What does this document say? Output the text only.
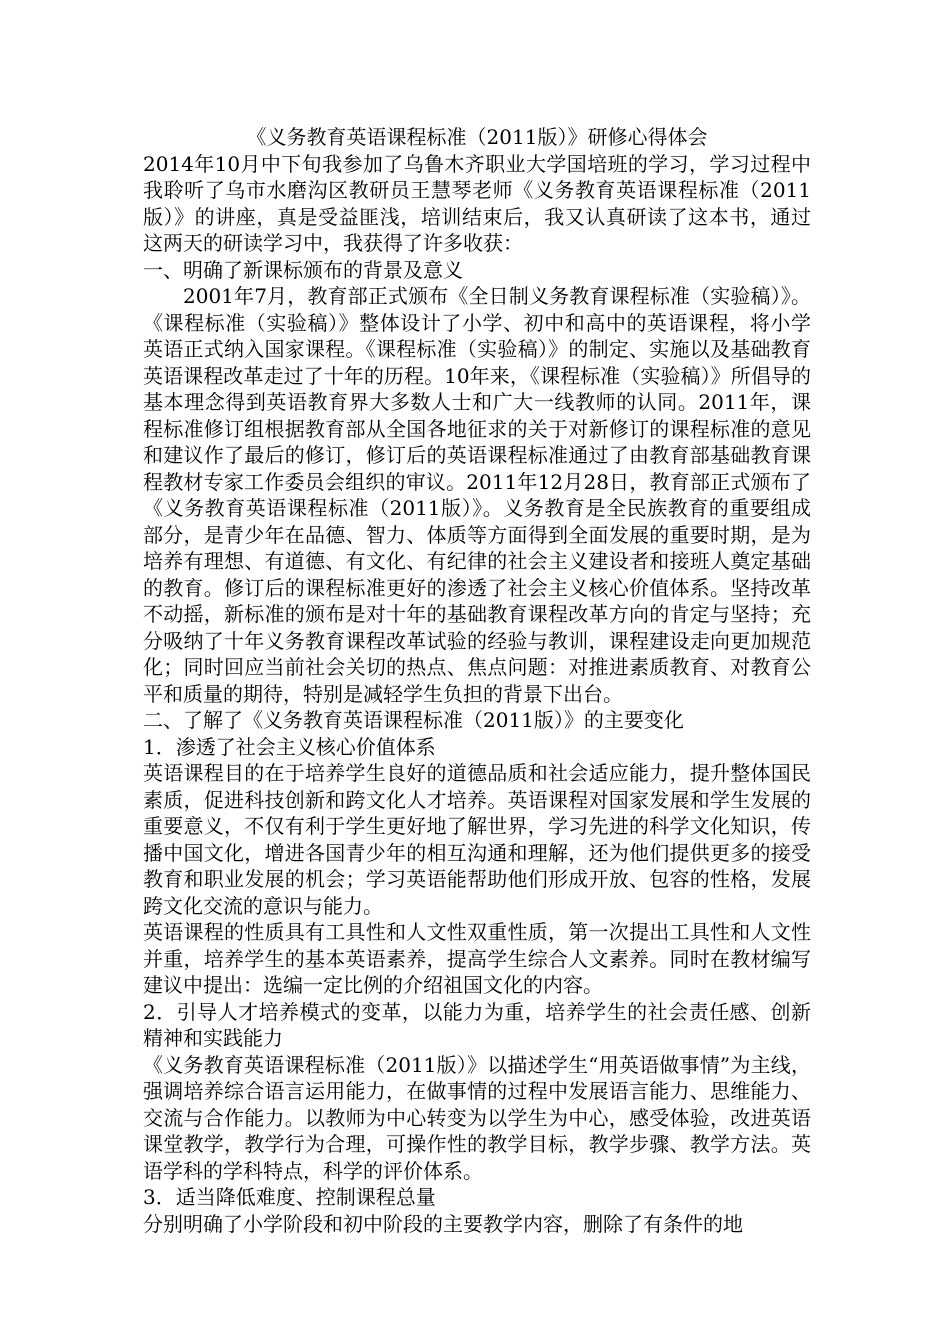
《义务教育英语课程标准（2011版）》研修心得体会

2014年10月中下旬我参加了乌鲁木齐职业大学国培班的学习，学习过程中我聆听了乌市水磨沟区教研员王慧琴老师《义务教育英语课程标准（2011版）》的讲座，真是受益匪浅，培训结束后，我又认真研读了这本书，通过这两天的研读学习中，我获得了许多收获：

一、明确了新课标颁布的背景及意义

2001年7月，教育部正式颁布《全日制义务教育课程标准（实验稿）》。《课程标准（实验稿）》整体设计了小学、初中和高中的英语课程，将小学英语正式纳入国家课程。《课程标准（实验稿）》的制定、实施以及基础教育英语课程改革走过了十年的历程。10年来，《课程标准（实验稿）》所倡导的基本理念得到英语教育界大多数人士和广大一线教师的认同。2011年，课程标准修订组根据教育部从全国各地征求的关于对新修订的课程标准的意见和建议作了最后的修订，修订后的英语课程标准通过了由教育部基础教育课程教材专家工作委员会组织的审议。2011年12月28日，教育部正式颁布了《义务教育英语课程标准（2011版）》。义务教育是全民族教育的重要组成部分，是青少年在品德、智力、体质等方面得到全面发展的重要时期，是为培养有理想、有道德、有文化、有纪律的社会主义建设者和接班人奠定基础的教育。修订后的课程标准更好的渗透了社会主义核心价值体系。坚持改革不动摇，新标准的颁布是对十年的基础教育课程改革方向的肯定与坚持；充分吸纳了十年义务教育课程改革试验的经验与教训，课程建设走向更加规范化；同时回应当前社会关切的热点、焦点问题：对推进素质教育、对教育公平和质量的期待，特别是减轻学生负担的背景下出台。

二、了解了《义务教育英语课程标准（2011版）》的主要变化

1．渗透了社会主义核心价值体系

英语课程目的在于培养学生良好的道德品质和社会适应能力，提升整体国民素质，促进科技创新和跨文化人才培养。英语课程对国家发展和学生发展的重要意义，不仅有利于学生更好地了解世界，学习先进的科学文化知识，传播中国文化，增进各国青少年的相互沟通和理解，还为他们提供更多的接受教育和职业发展的机会；学习英语能帮助他们形成开放、包容的性格，发展跨文化交流的意识与能力。

英语课程的性质具有工具性和人文性双重性质，第一次提出工具性和人文性并重，培养学生的基本英语素养，提高学生综合人文素养。同时在教材编写建议中提出：选编一定比例的介绍祖国文化的内容。

2．引导人才培养模式的变革，以能力为重，培养学生的社会责任感、创新精神和实践能力

《义务教育英语课程标准（2011版）》以描述学生“用英语做事情”为主线，强调培养综合语言运用能力，在做事情的过程中发展语言能力、思维能力、交流与合作能力。以教师为中心转变为以学生为中心，感受体验，改进英语课堂教学，教学行为合理，可操作性的教学目标，教学步骤、教学方法。英语学科的学科特点，科学的评价体系。

3．适当降低难度、控制课程总量

分别明确了小学阶段和初中阶段的主要教学内容，删除了有条件的地
